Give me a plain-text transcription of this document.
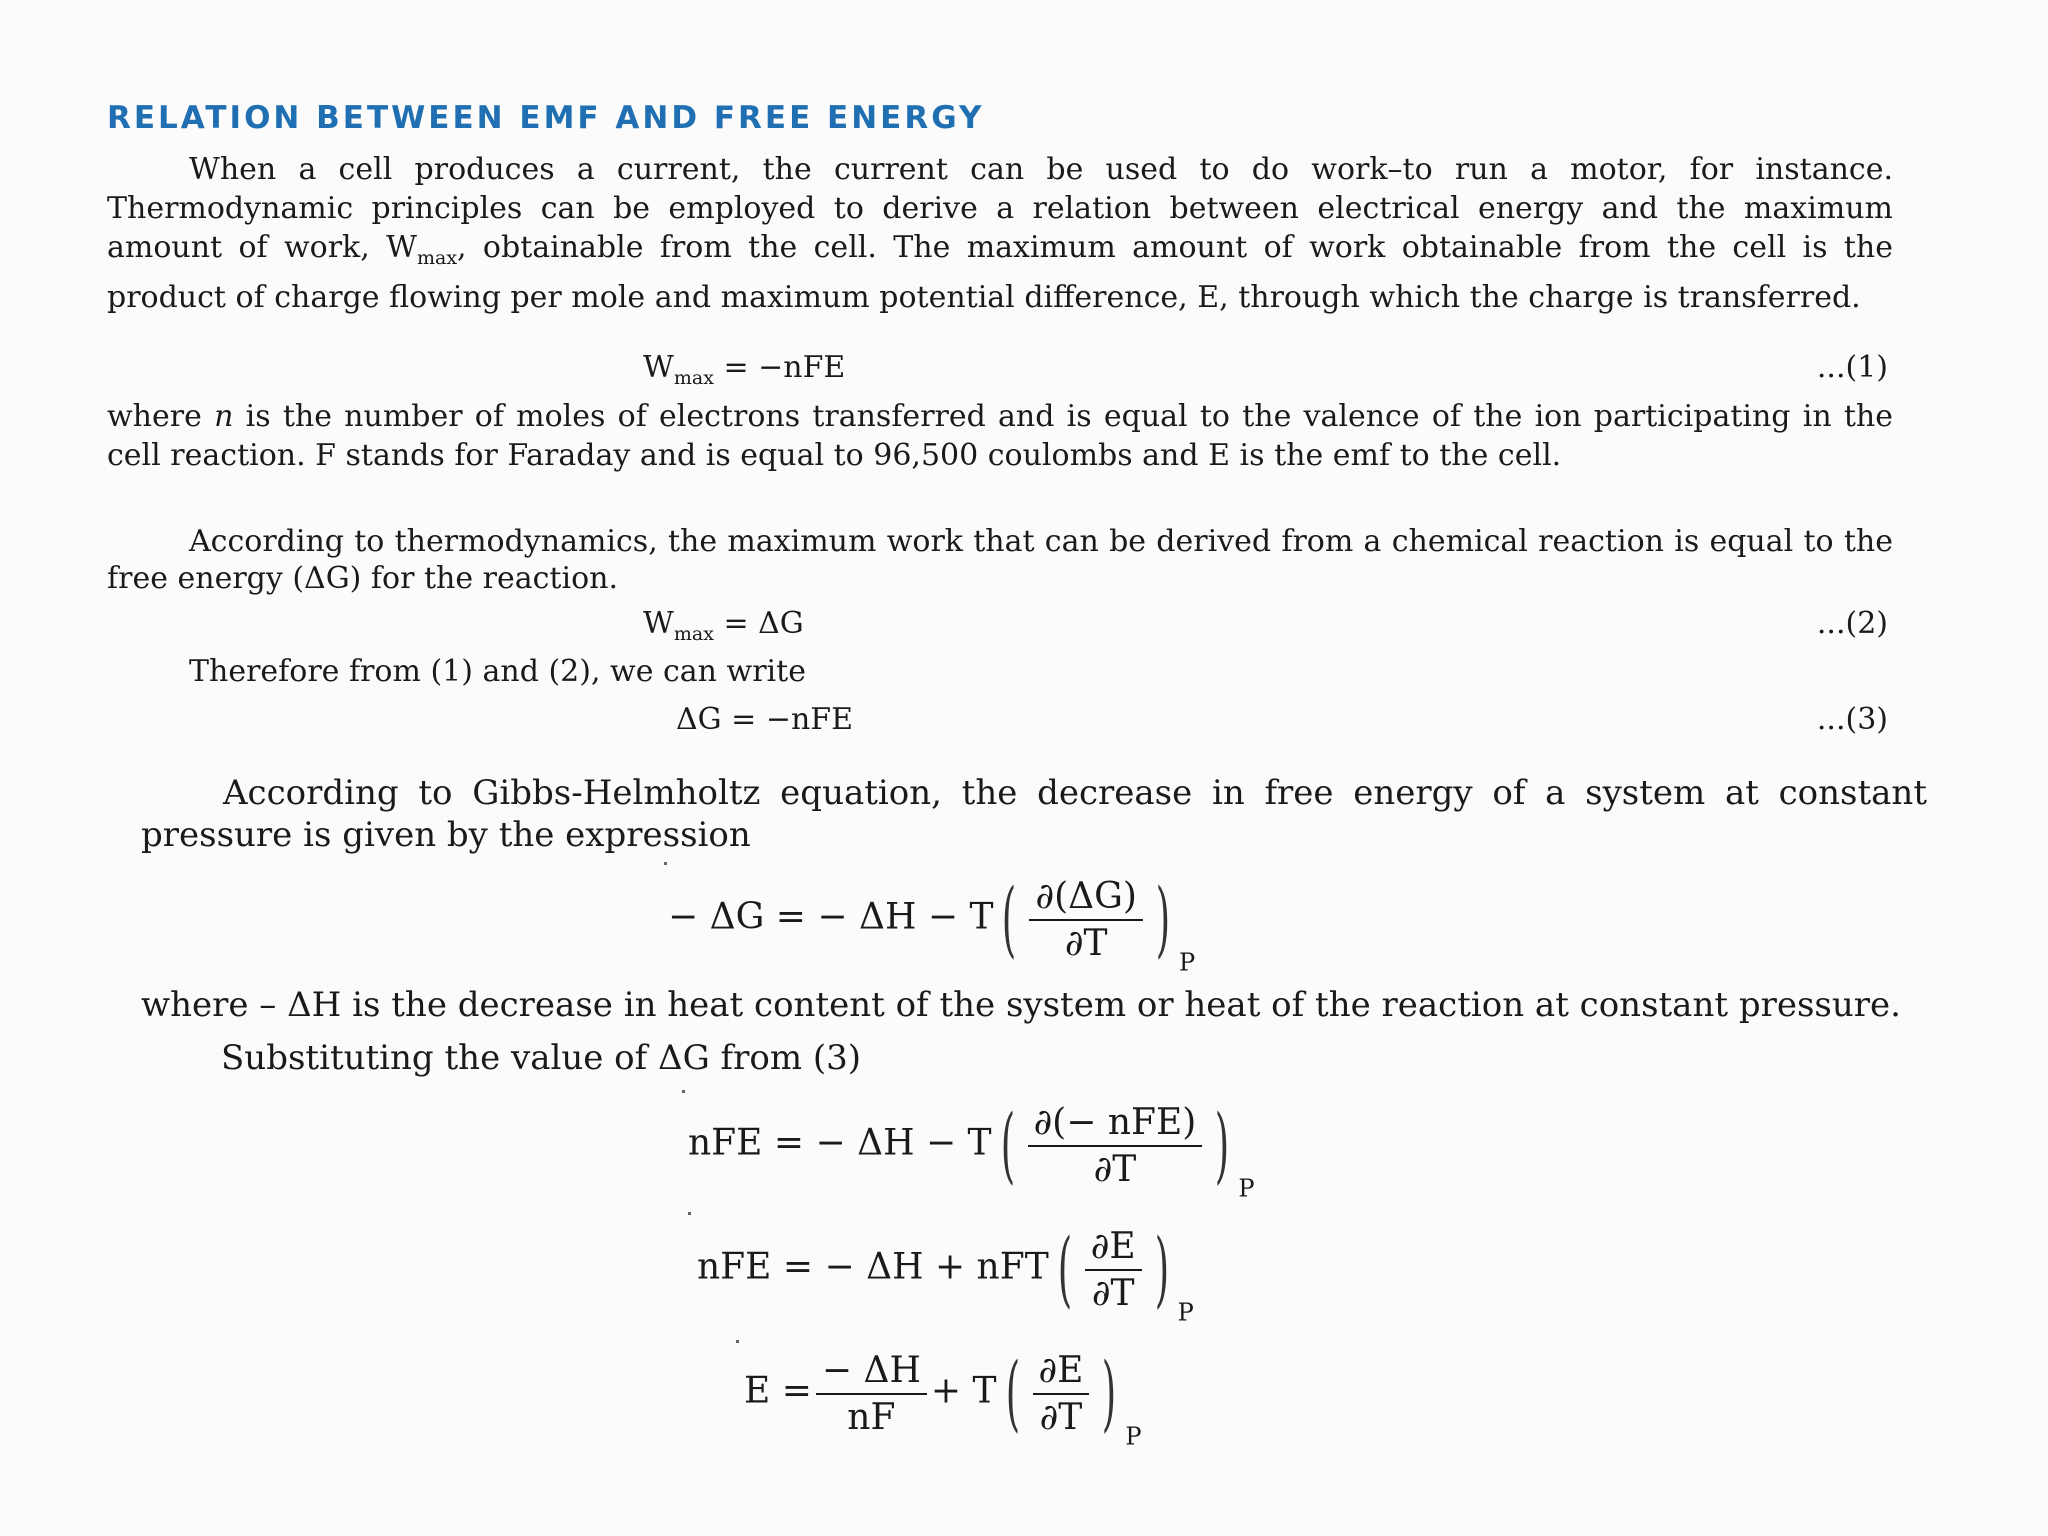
RELATION BETWEEN EMF AND FREE ENERGY

When a cell produces a current, the current can be used to do work–to run a motor, for instance. Thermodynamic principles can be employed to derive a relation between electrical energy and the maximum amount of work, $W_{max}$, obtainable from the cell. The maximum amount of work obtainable from the cell is the product of charge flowing per mole and maximum potential difference, E, through which the charge is transferred.

$W_{max} = -nFE$	...(1)

where n is the number of moles of electrons transferred and is equal to the valence of the ion participating in the cell reaction. F stands for Faraday and is equal to 96,500 coulombs and E is the emf to the cell.

According to thermodynamics, the maximum work that can be derived from a chemical reaction is equal to the free energy (ΔG) for the reaction.

$W_{max} = \Delta G$	...(2)
Therefore from (1) and (2), we can write
ΔG = −nFE	...(3)

According to Gibbs-Helmholtz equation, the decrease in free energy of a system at constant pressure is given by the expression

− ΔG = − ΔH − T ( $\frac{\partial(\Delta G)}{\partial T}$ ) $_P$
where – ΔH is the decrease in heat content of the system or heat of the reaction at constant pressure.
Substituting the value of ΔG from (3)
nFE = − ΔH − T ( $\frac{\text{∂(− nFE)}}{\partial T}$ ) $_P$
nFE = − ΔH + nFT ( $\frac{\partial E}{\partial T}$ ) $_P$
$E = \frac{- \Delta H}{nF} + T$ ( $\frac{\partial E}{\partial T}$ ) $_P$
